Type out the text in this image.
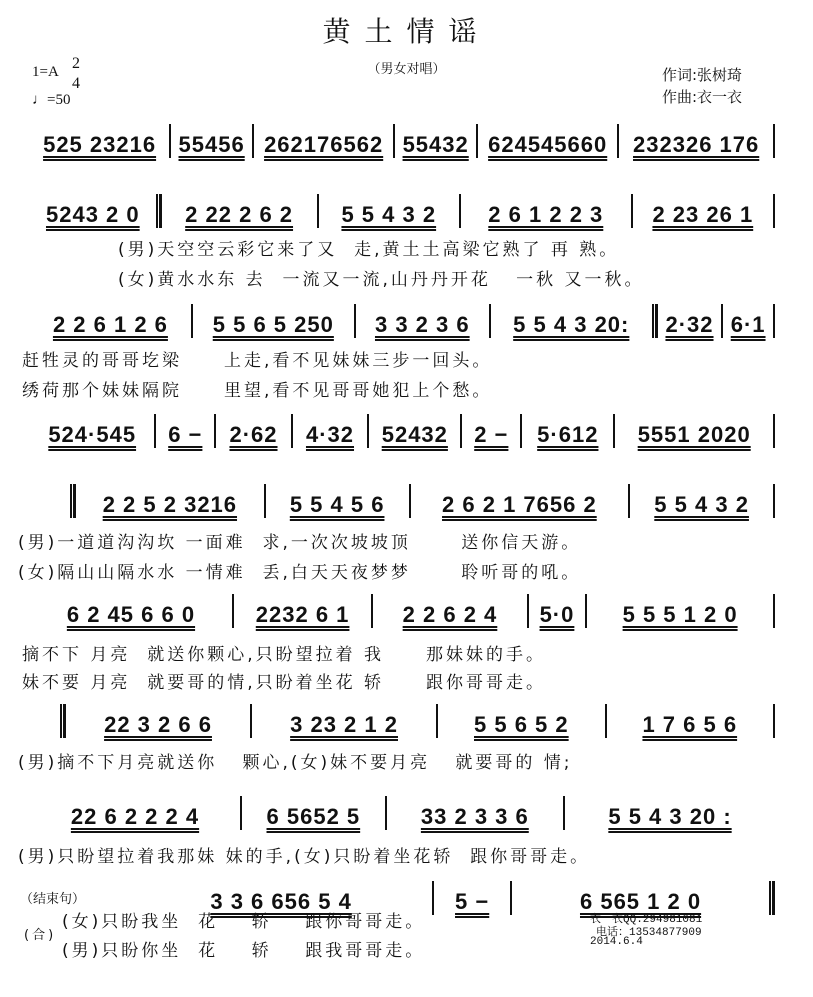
黄土情谣
（男女对唱）
1=A 2
4
♩=50
作词:张树琦
作曲:衣一衣
525 23216 55456 262176562 55432 624545660 232326 176
5243 2 0 2 22 2 6 2 5 5 4 3 2 2 6 1 2 2 3 2 23 26 1
2 2 6 1 2 6 5 5 6 5 250 3 3 2 3 6 5 5 4 3 20: 2·32 6·1
524·545 6 − 2·62 4·32 52432 2 − 5·612 5551 2020
2 2 5 2 3216 5 5 4 5 6	2 6 2 1 7656 2	5 5 4 3 2
6 2 45 6 6 0	2232 6 1 2 2 6 2 4 5·0 5 5 5 1 2 0
22 3 2 6 6	3 23 2 1 2	5 5 6 5 2	1 7 6 5 6
22 6 2 2 2 4	6 5652 5	33 2 3 3 6	5 5 4 3 20 :
（结束句）	3 3 6 656 5 4	5 −	6 565 1 2 0
(男)天空空云彩它来了又  走,黄土土高梁它熟了 再 熟。
(女)黄水水东 去  一流又一流,山丹丹开花   一秋 又一秋。
赶牲灵的哥哥圪梁     上走,看不见妹妹三步一回头。
绣荷那个妹妹隔院     里望,看不见哥哥她犯上个愁。
(男)一道道沟沟坎 一面难  求,一次次坡坡顶      送你信天游。
(女)隔山山隔水水 一情难  丢,白天天夜梦梦      聆听哥的吼。
摘不下 月亮  就送你颗心,只盼望拉着 我     那妹妹的手。
妹不要 月亮  就要哥的情,只盼着坐花 轿     跟你哥哥走。
(男)摘不下月亮就送你   颗心,(女)妹不要月亮   就要哥的 情;
(男)只盼望拉着我那妹 妹的手,(女)只盼着坐花轿  跟你哥哥走。
(女)只盼我坐  花    轿    跟你哥哥走。
(合)
(男)只盼你坐  花    轿    跟我哥哥走。
衣一衣QQ:294981081
电话：13534877909
2014.6.4
